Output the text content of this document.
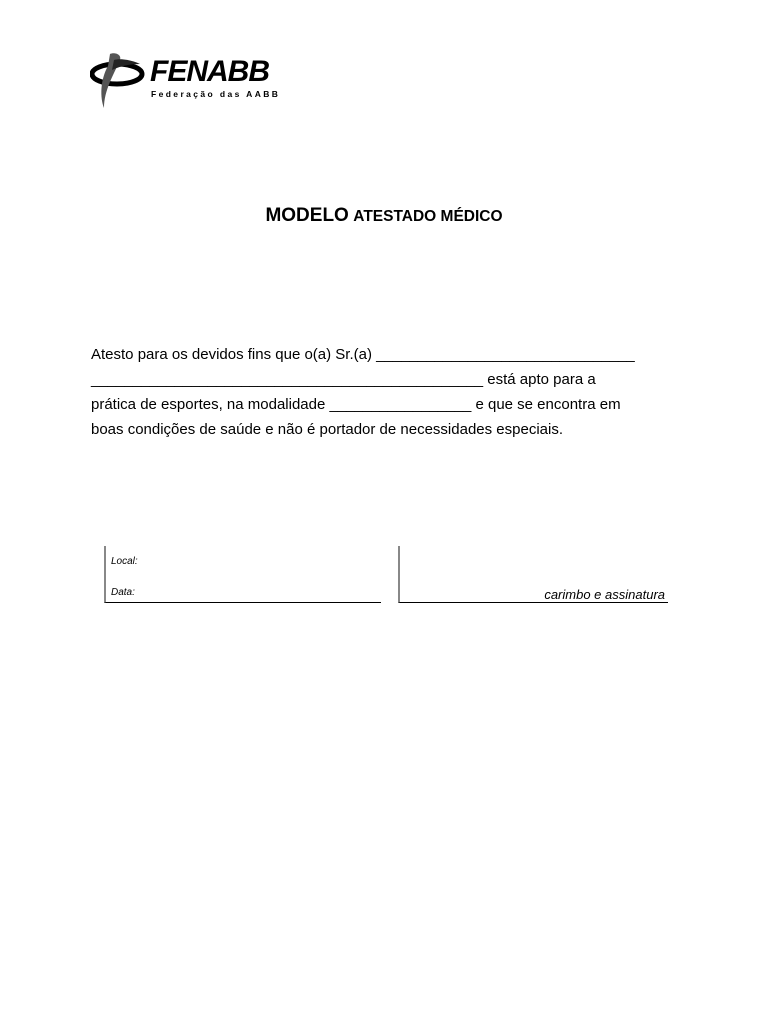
FENABB
Federação das AABB
MODELO ATESTADO MÉDICO
Atesto para os devidos fins que o(a) Sr.(a) _______________________________
_______________________________________________ está apto para a
prática de esportes, na modalidade _________________ e que se encontra em
boas condições de saúde e não é portador de necessidades especiais.
Local:
Data:	carimbo e assinatura
